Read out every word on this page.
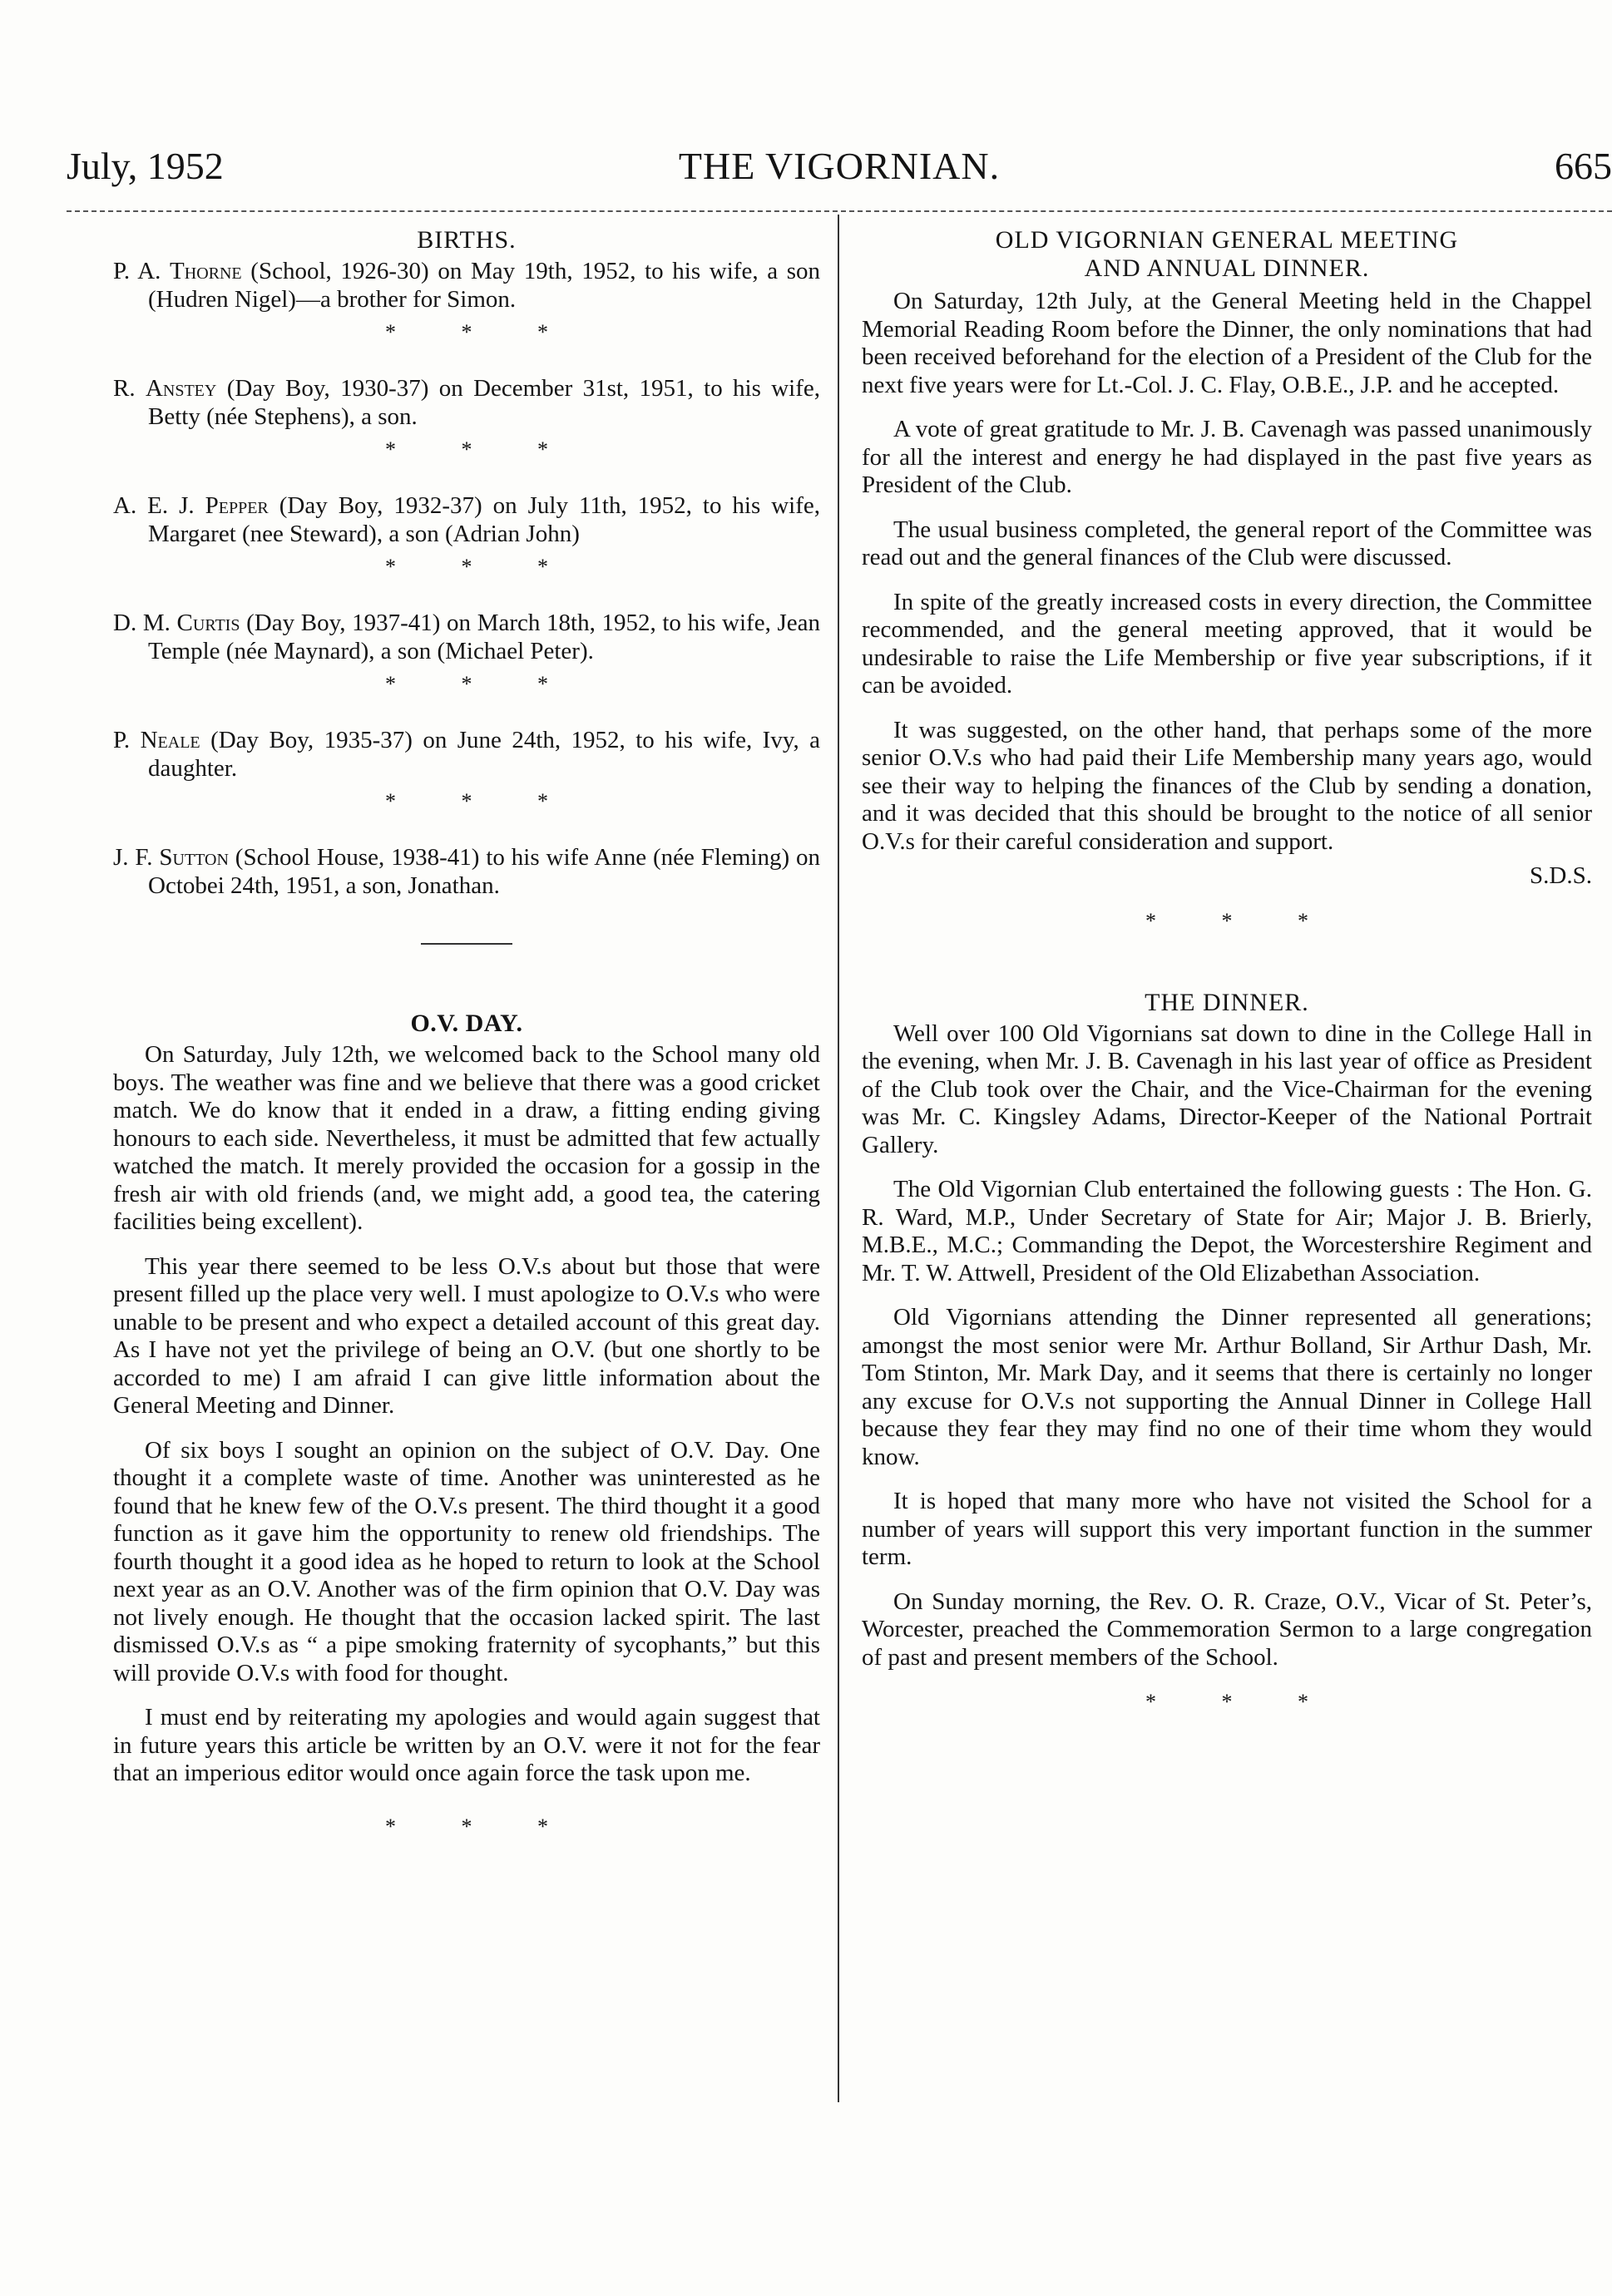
July, 1952	THE VIGORNIAN.	665
BIRTHS.

P. A. Thorne (School, 1926-30) on May 19th, 1952, to his wife, a son (Hudren Nigel)—a brother for Simon.

* * *

R. Anstey (Day Boy, 1930-37) on December 31st, 1951, to his wife, Betty (née Stephens), a son.

* * *

A. E. J. Pepper (Day Boy, 1932-37) on July 11th, 1952, to his wife, Margaret (nee Steward), a son (Adrian John)

* * *

D. M. Curtis (Day Boy, 1937-41) on March 18th, 1952, to his wife, Jean Temple (née Maynard), a son (Michael Peter).

* * *

P. Neale (Day Boy, 1935-37) on June 24th, 1952, to his wife, Ivy, a daughter.

* * *

J. F. Sutton (School House, 1938-41) to his wife Anne (née Fleming) on Octobei 24th, 1951, a son, Jonathan.

O.V. DAY.

On Saturday, July 12th, we welcomed back to the School many old boys. The weather was fine and we believe that there was a good cricket match. We do know that it ended in a draw, a fitting ending giving honours to each side. Nevertheless, it must be admitted that few actually watched the match. It merely provided the occasion for a gossip in the fresh air with old friends (and, we might add, a good tea, the catering facilities being excellent).

This year there seemed to be less O.V.s about but those that were present filled up the place very well. I must apologize to O.V.s who were unable to be present and who expect a detailed account of this great day. As I have not yet the privilege of being an O.V. (but one shortly to be accorded to me) I am afraid I can give little information about the General Meeting and Dinner.

Of six boys I sought an opinion on the subject of O.V. Day. One thought it a complete waste of time. Another was uninterested as he found that he knew few of the O.V.s present. The third thought it a good function as it gave him the opportunity to renew old friendships. The fourth thought it a good idea as he hoped to return to look at the School next year as an O.V. Another was of the firm opinion that O.V. Day was not lively enough. He thought that the occasion lacked spirit. The last dismissed O.V.s as “ a pipe smoking fraternity of sycophants,” but this will provide O.V.s with food for thought.

I must end by reiterating my apologies and would again suggest that in future years this article be written by an O.V. were it not for the fear that an imperious editor would once again force the task upon me.

* * *
OLD VIGORNIAN GENERAL MEETING
AND ANNUAL DINNER.

On Saturday, 12th July, at the General Meeting held in the Chappel Memorial Reading Room before the Dinner, the only nominations that had been received beforehand for the election of a President of the Club for the next five years were for Lt.-Col. J. C. Flay, O.B.E., J.P. and he accepted.

A vote of great gratitude to Mr. J. B. Cavenagh was passed unanimously for all the interest and energy he had displayed in the past five years as President of the Club.

The usual business completed, the general report of the Committee was read out and the general finances of the Club were discussed.

In spite of the greatly increased costs in every direction, the Committee recommended, and the general meeting approved, that it would be undesirable to raise the Life Membership or five year subscriptions, if it can be avoided.

It was suggested, on the other hand, that perhaps some of the more senior O.V.s who had paid their Life Membership many years ago, would see their way to helping the finances of the Club by sending a donation, and it was decided that this should be brought to the notice of all senior O.V.s for their careful consideration and support.

S.D.S.
* * *
THE DINNER.

Well over 100 Old Vigornians sat down to dine in the College Hall in the evening, when Mr. J. B. Cavenagh in his last year of office as President of the Club took over the Chair, and the Vice-Chairman for the evening was Mr. C. Kingsley Adams, Director-Keeper of the National Portrait Gallery.

The Old Vigornian Club entertained the following guests : The Hon. G. R. Ward, M.P., Under Secretary of State for Air; Major J. B. Brierly, M.B.E., M.C.; Commanding the Depot, the Worcestershire Regiment and Mr. T. W. Attwell, President of the Old Elizabethan Association.

Old Vigornians attending the Dinner represented all generations; amongst the most senior were Mr. Arthur Bolland, Sir Arthur Dash, Mr. Tom Stinton, Mr. Mark Day, and it seems that there is certainly no longer any excuse for O.V.s not supporting the Annual Dinner in College Hall because they fear they may find no one of their time whom they would know.

It is hoped that many more who have not visited the School for a number of years will support this very important function in the summer term.

On Sunday morning, the Rev. O. R. Craze, O.V., Vicar of St. Peter’s, Worcester, preached the Commemoration Sermon to a large congregation of past and present members of the School.

* * *
